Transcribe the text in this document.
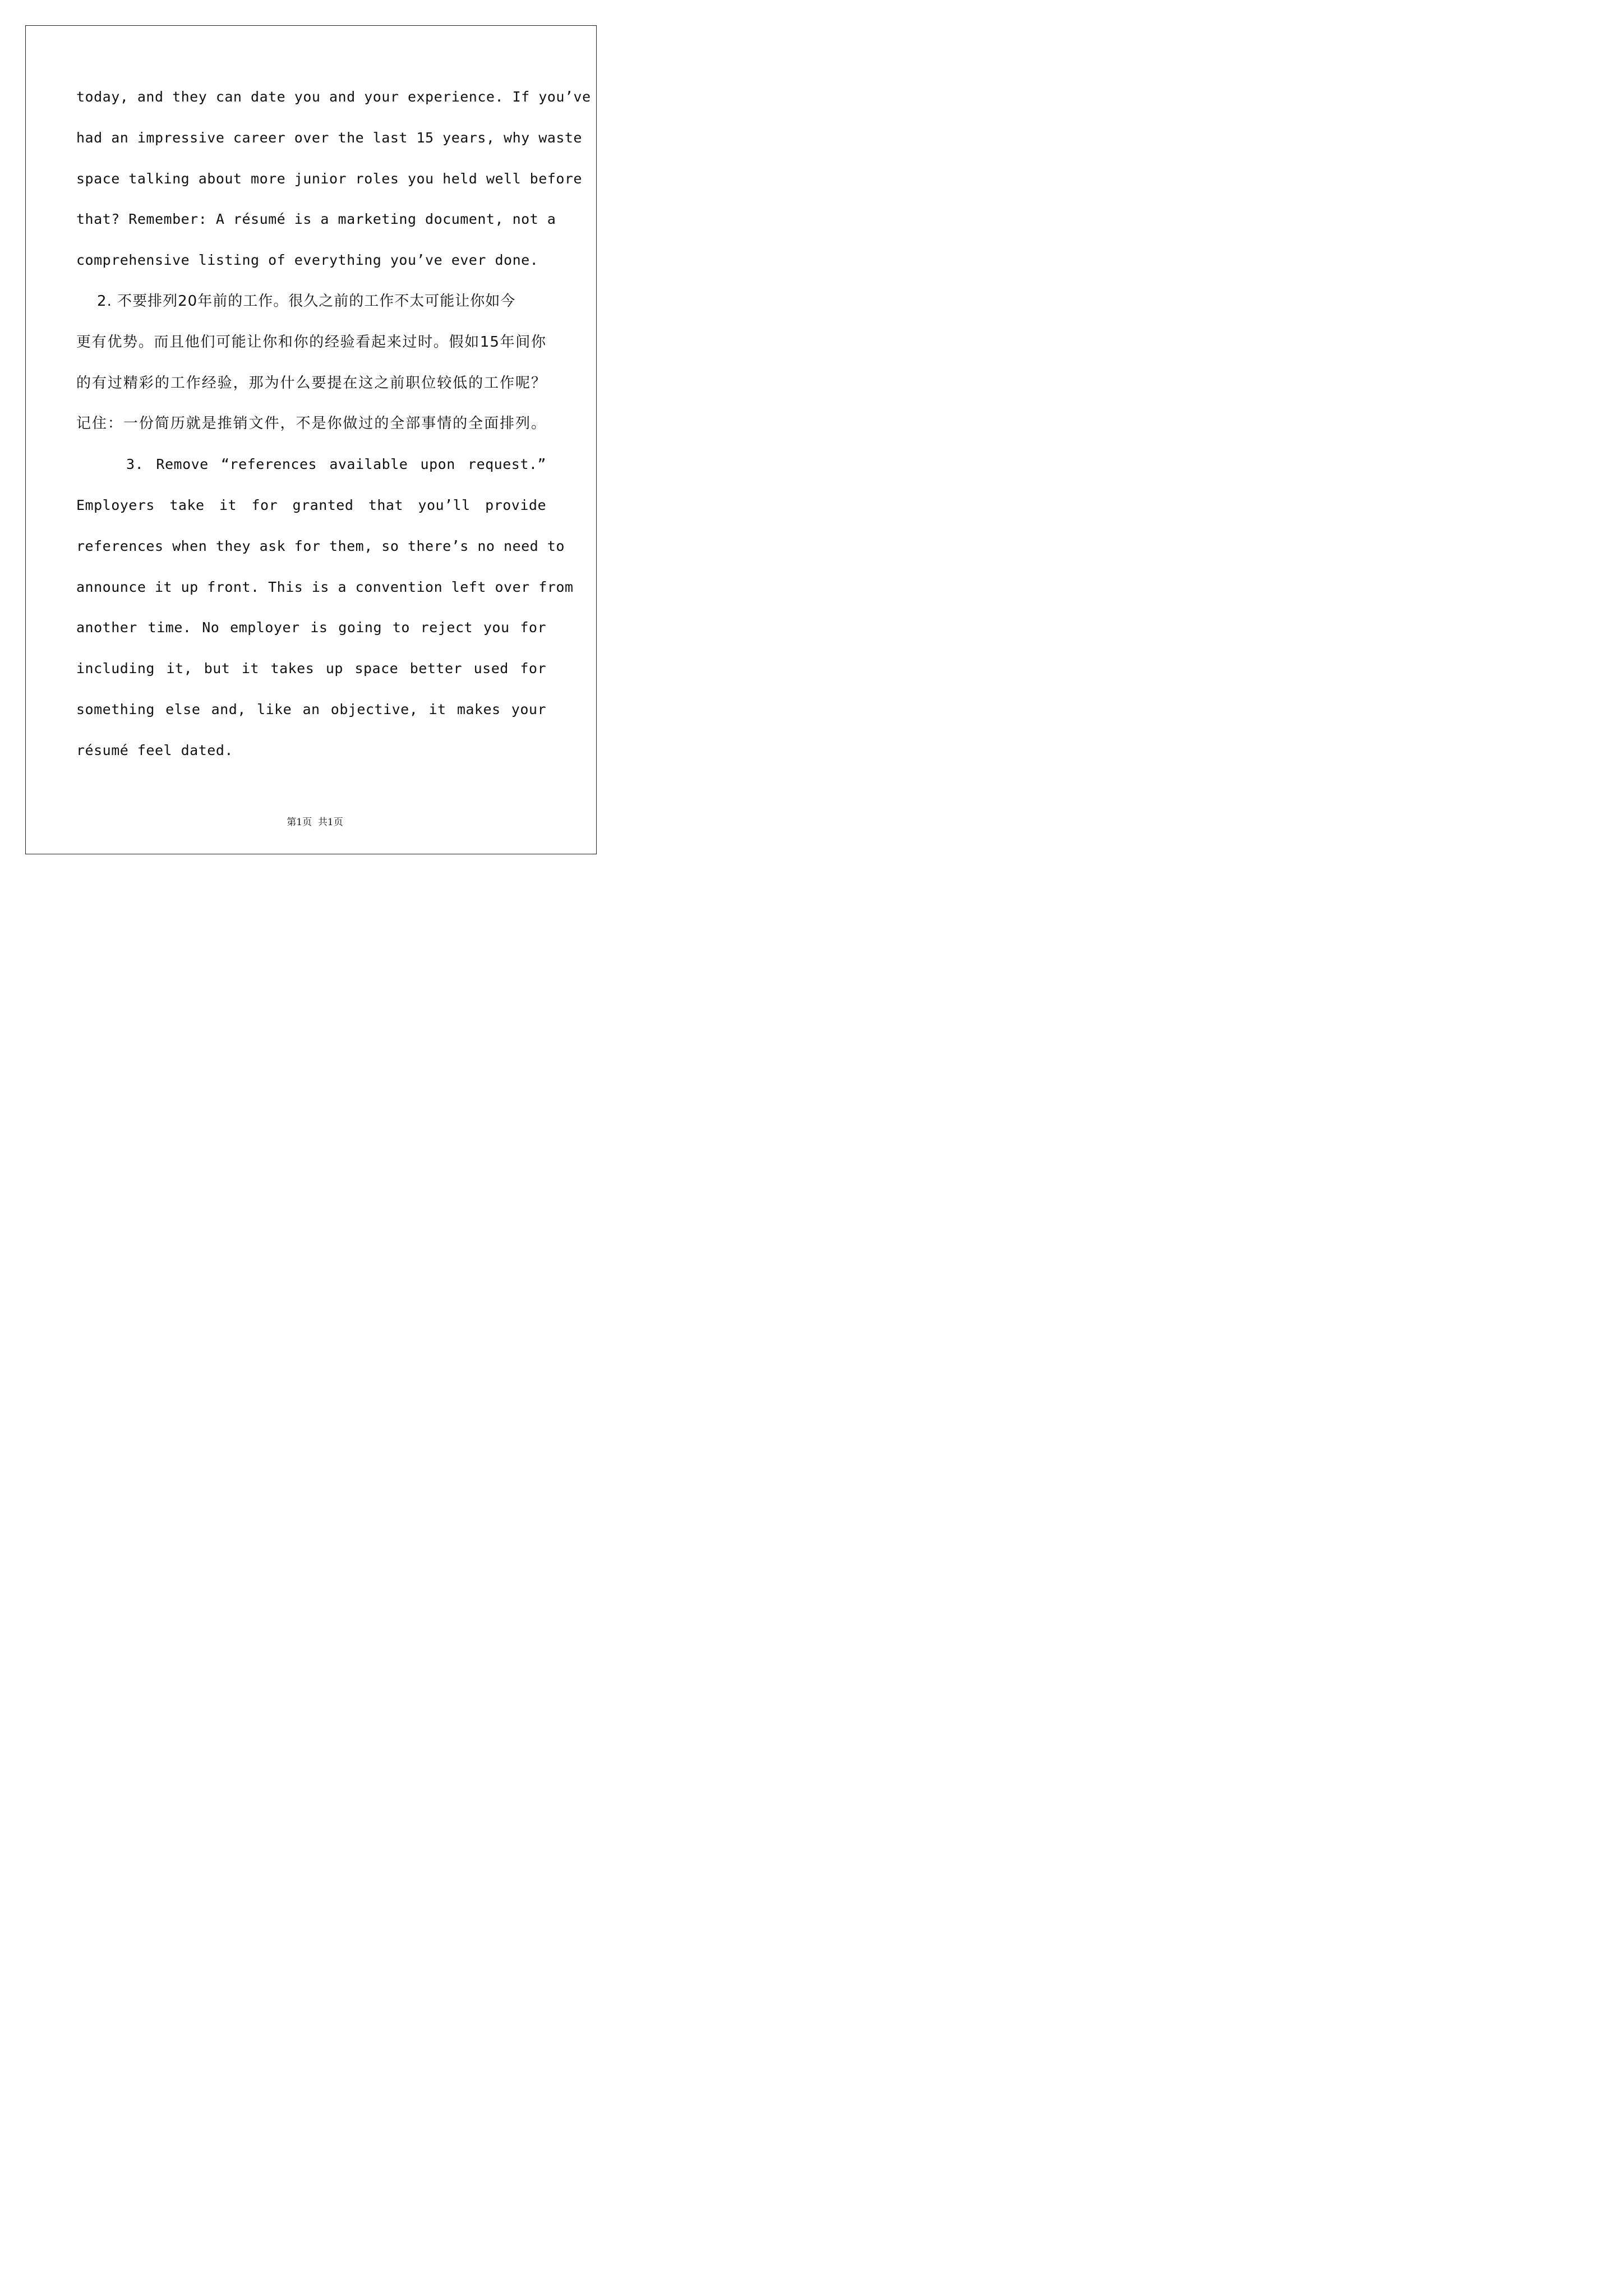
today, and they can date you and your experience. If you’ve
had an impressive career over the last 15 years, why waste
space talking about more junior roles you held well before
that? Remember: A résumé is a marketing document, not a
comprehensive listing of everything you’ve ever done.
2. 不要排列20年前的工作。很久之前的工作不太可能让你如今
更有优势。而且他们可能让你和你的经验看起来过时。假如15年间你
的有过精彩的工作经验，那为什么要提在这之前职位较低的工作呢？
记住：一份简历就是推销文件，不是你做过的全部事情的全面排列。
3. Remove “references available upon request.”
Employers take it for granted that you’ll provide
references when they ask for them, so there’s no need to
announce it up front. This is a convention left over from
another time. No employer is going to reject you for
including it, but it takes up space better used for
something else and, like an objective, it makes your
résumé feel dated.
第1页  共1页
